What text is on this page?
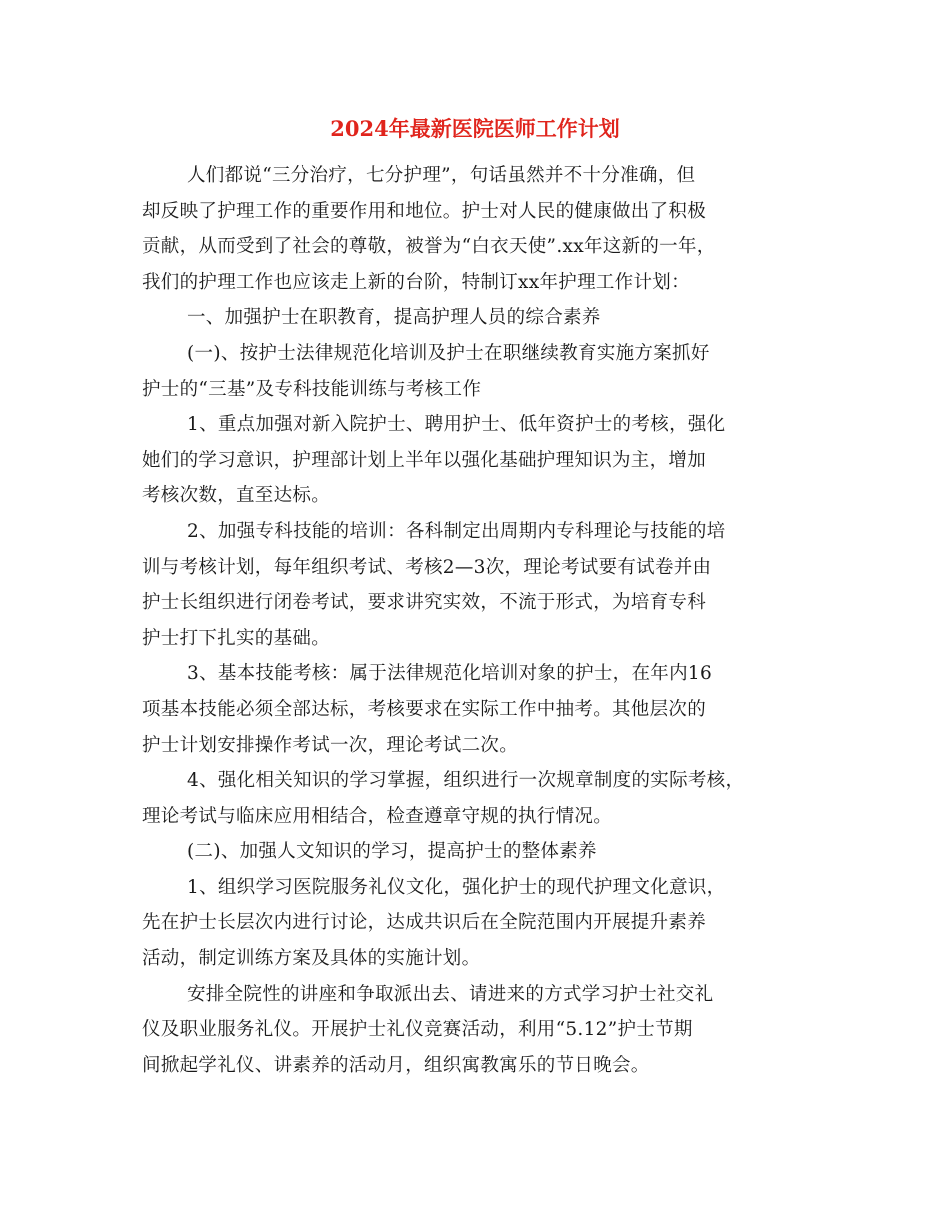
2024年最新医院医师工作计划

人们都说“三分治疗，七分护理”，句话虽然并不十分准确，但
却反映了护理工作的重要作用和地位。护士对人民的健康做出了积极
贡献，从而受到了社会的尊敬，被誉为“白衣天使”.xx年这新的一年，
我们的护理工作也应该走上新的台阶，特制订xx年护理工作计划：

一、加强护士在职教育，提高护理人员的综合素养

(一)、按护士法律规范化培训及护士在职继续教育实施方案抓好
护士的“三基”及专科技能训练与考核工作

1、重点加强对新入院护士、聘用护士、低年资护士的考核，强化
她们的学习意识，护理部计划上半年以强化基础护理知识为主，增加
考核次数，直至达标。

2、加强专科技能的培训：各科制定出周期内专科理论与技能的培
训与考核计划，每年组织考试、考核2—3次，理论考试要有试卷并由
护士长组织进行闭卷考试，要求讲究实效，不流于形式，为培育专科
护士打下扎实的基础。

3、基本技能考核：属于法律规范化培训对象的护士，在年内16
项基本技能必须全部达标，考核要求在实际工作中抽考。其他层次的
护士计划安排操作考试一次，理论考试二次。

4、强化相关知识的学习掌握，组织进行一次规章制度的实际考核，
理论考试与临床应用相结合，检查遵章守规的执行情况。

(二)、加强人文知识的学习，提高护士的整体素养

1、组织学习医院服务礼仪文化，强化护士的现代护理文化意识，
先在护士长层次内进行讨论，达成共识后在全院范围内开展提升素养
活动，制定训练方案及具体的实施计划。

安排全院性的讲座和争取派出去、请进来的方式学习护士社交礼
仪及职业服务礼仪。开展护士礼仪竞赛活动，利用“5.12”护士节期
间掀起学礼仪、讲素养的活动月，组织寓教寓乐的节日晚会。
